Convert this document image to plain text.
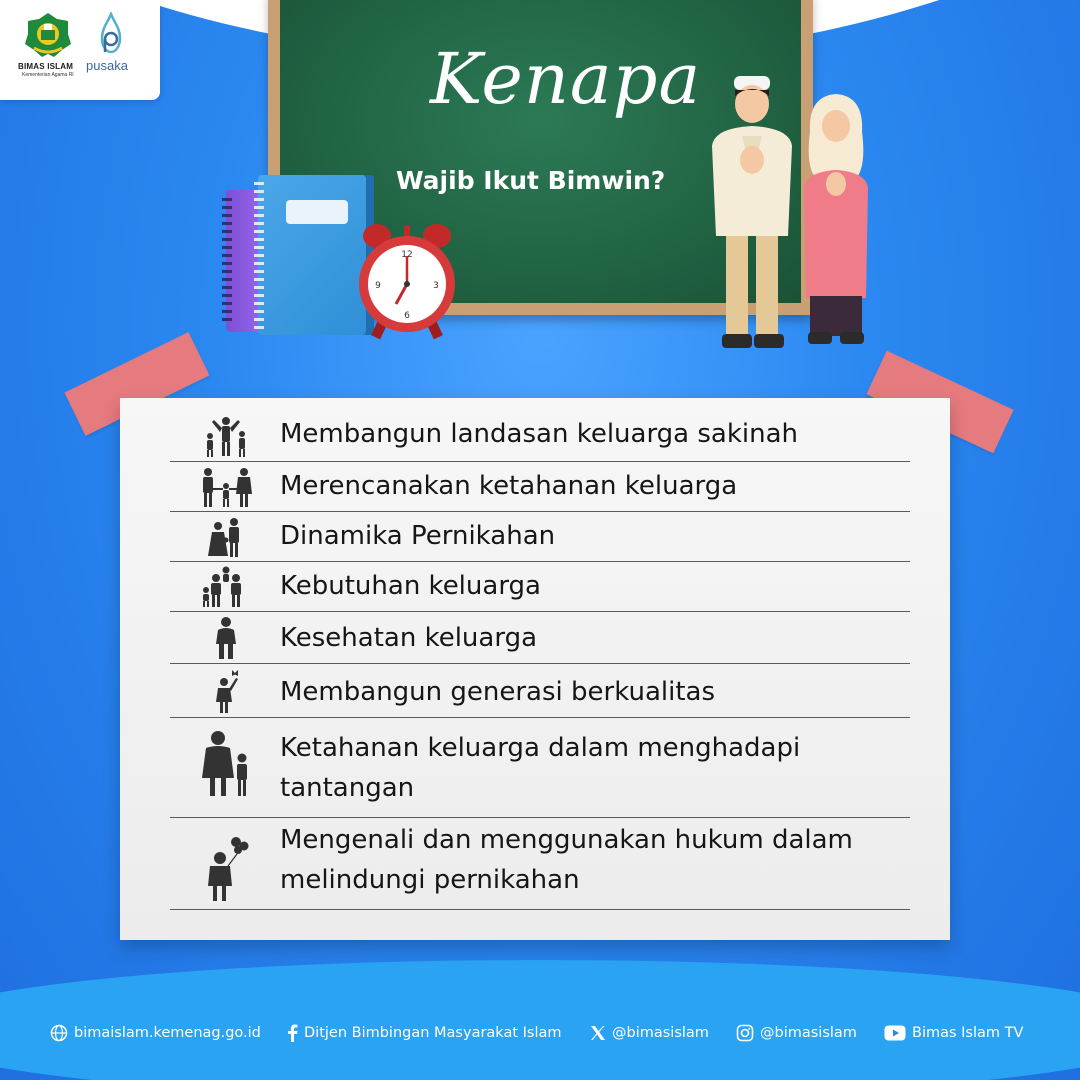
BIMAS ISLAM
Kementerian Agama RI
pusaka	Kenapa
Wajib Ikut Bimwin?
12
3
6
9
Membangun landasan keluarga sakinah
Merencanakan ketahanan keluarga
Dinamika Pernikahan
Kebutuhan keluarga
Kesehatan keluarga
Membangun generasi berkualitas
Ketahanan keluarga dalam menghadapi tantangan
Mengenali dan menggunakan hukum dalam melindungi pernikahan
bimaislam.kemenag.go.id	Ditjen Bimbingan Masyarakat Islam	@bimasislam	@bimasislam	Bimas Islam TV
